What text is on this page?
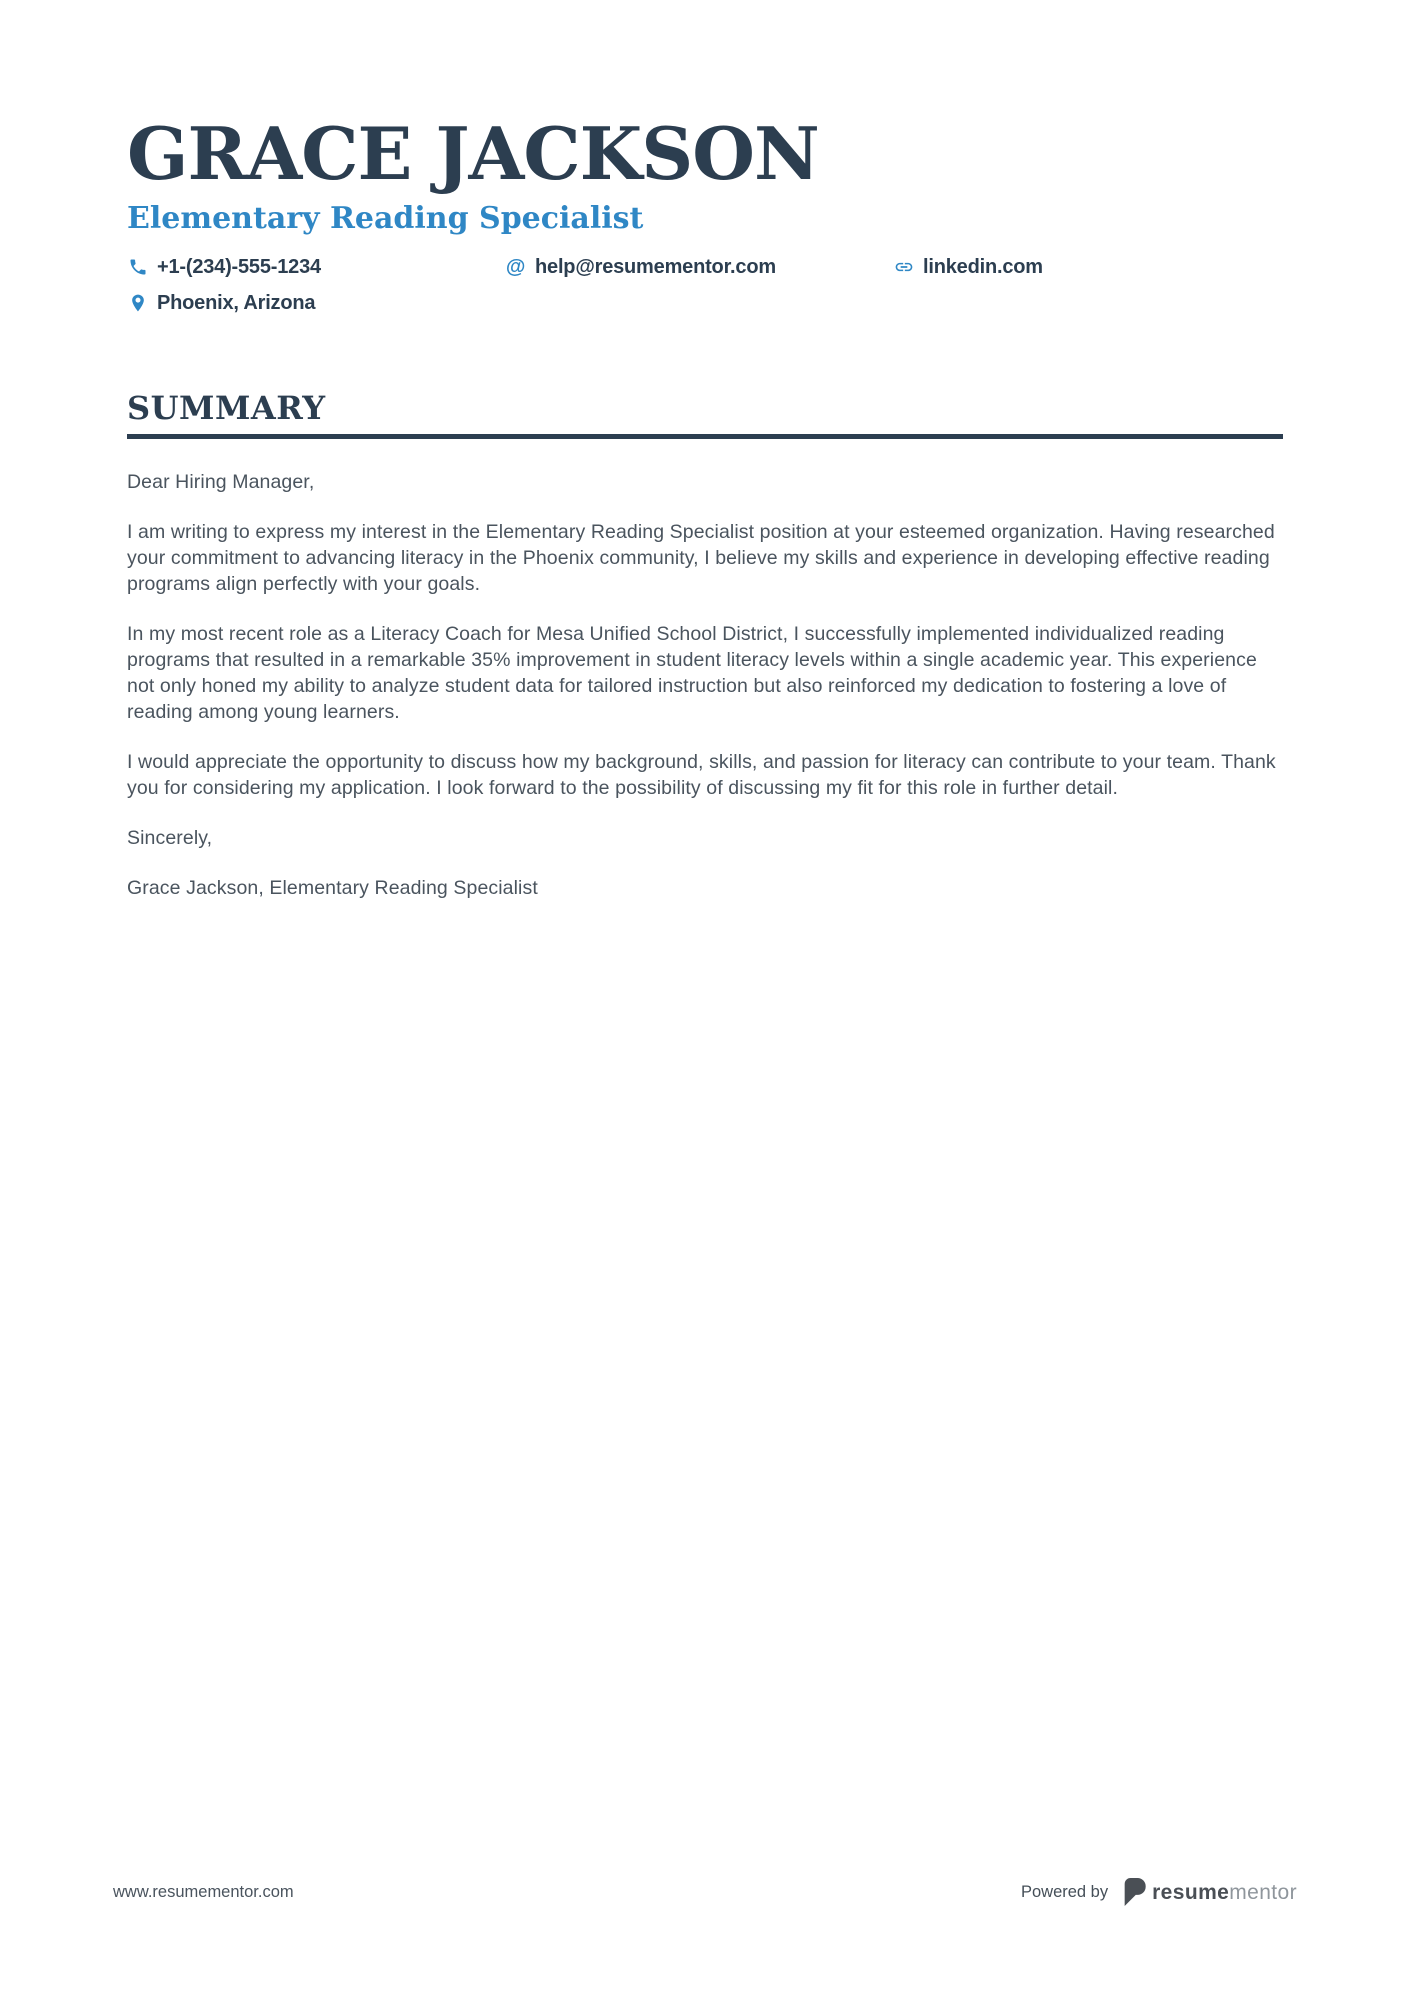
GRACE JACKSON
Elementary Reading Specialist
+1-(234)-555-1234	@ help@resumementor.com	linkedin.com
Phoenix, Arizona
SUMMARY

Dear Hiring Manager,

I am writing to express my interest in the Elementary Reading Specialist position at your esteemed organization. Having researched your commitment to advancing literacy in the Phoenix community, I believe my skills and experience in developing effective reading programs align perfectly with your goals.

In my most recent role as a Literacy Coach for Mesa Unified School District, I successfully implemented individualized reading programs that resulted in a remarkable 35% improvement in student literacy levels within a single academic year. This experience not only honed my ability to analyze student data for tailored instruction but also reinforced my dedication to fostering a love of reading among young learners.

I would appreciate the opportunity to discuss how my background, skills, and passion for literacy can contribute to your team. Thank you for considering my application. I look forward to the possibility of discussing my fit for this role in further detail.

Sincerely,

Grace Jackson, Elementary Reading Specialist

www.resumementor.com	Powered by resumementor
